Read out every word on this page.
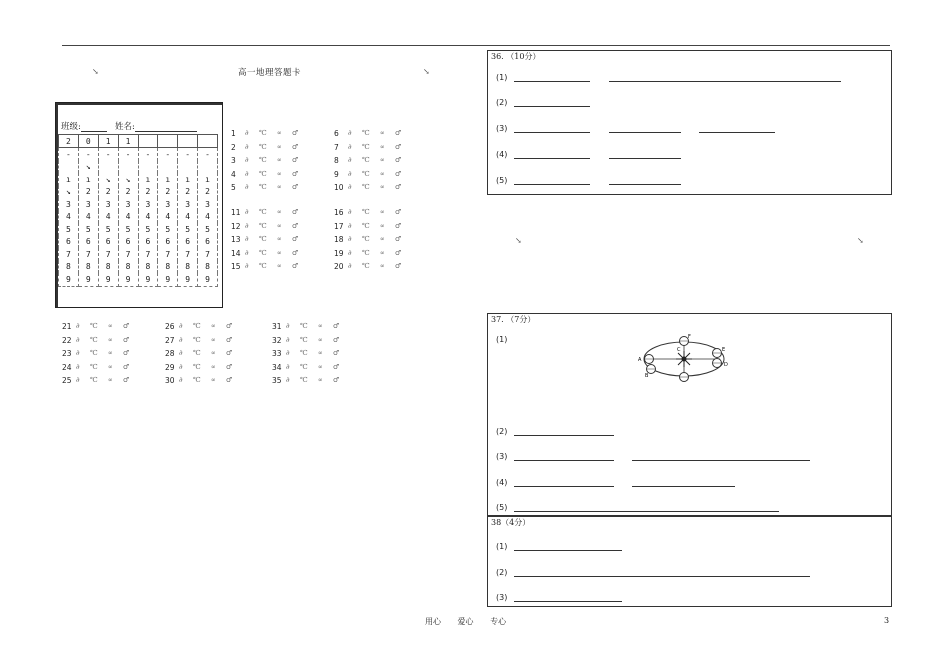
↘	高一地理答题卡	↘
班级:	姓名:
2	0	1	1				
-	-	-	-	-	-	-	-
	↘						
ı	ı	↘	↘	ı	ı	ı	ı
↘	2	2	2	2	2	2	2
3	3	3	3	3	3	3	3
4	4	4	4	4	4	4	4
5	5	5	5	5	5	5	5
6	6	6	6	6	6	6	6
7	7	7	7	7	7	7	7
8	8	8	8	8	8	8	8
9	9	9	9	9	9	9	9
1	∂ ℃ ∝ ♂
2	∂ ℃ ∝ ♂
3	∂ ℃ ∝ ♂
4	∂ ℃ ∝ ♂
5	∂ ℃ ∝ ♂
6	∂ ℃ ∝ ♂
7	∂ ℃ ∝ ♂
8	∂ ℃ ∝ ♂
9	∂ ℃ ∝ ♂
10 ∂ ℃ ∝ ♂
11 ∂ ℃ ∝ ♂
12 ∂ ℃ ∝ ♂
13 ∂ ℃ ∝ ♂
14 ∂ ℃ ∝ ♂
15 ∂ ℃ ∝ ♂
16 ∂ ℃ ∝ ♂
17 ∂ ℃ ∝ ♂
18 ∂ ℃ ∝ ♂
19 ∂ ℃ ∝ ♂
20 ∂ ℃ ∝ ♂
21 ∂ ℃ ∝ ♂
22 ∂ ℃ ∝ ♂
23 ∂ ℃ ∝ ♂
24 ∂ ℃ ∝ ♂
25 ∂ ℃ ∝ ♂
26 ∂ ℃ ∝ ♂
27 ∂ ℃ ∝ ♂
28 ∂ ℃ ∝ ♂
29 ∂ ℃ ∝ ♂
30 ∂ ℃ ∝ ♂
31 ∂ ℃ ∝ ♂
32 ∂ ℃ ∝ ♂
33 ∂ ℃ ∝ ♂
34 ∂ ℃ ∝ ♂
35 ∂ ℃ ∝ ♂
36. （10分）
(1)
(2)
(3)
(4)
(5)
↘	↘
37. （7分）
(1)
A
B
C
D
E
F
(2)
(3)
(4)
(5)
38（4分）
(1)
(2)
(3)
用心 爱心 专心	3
